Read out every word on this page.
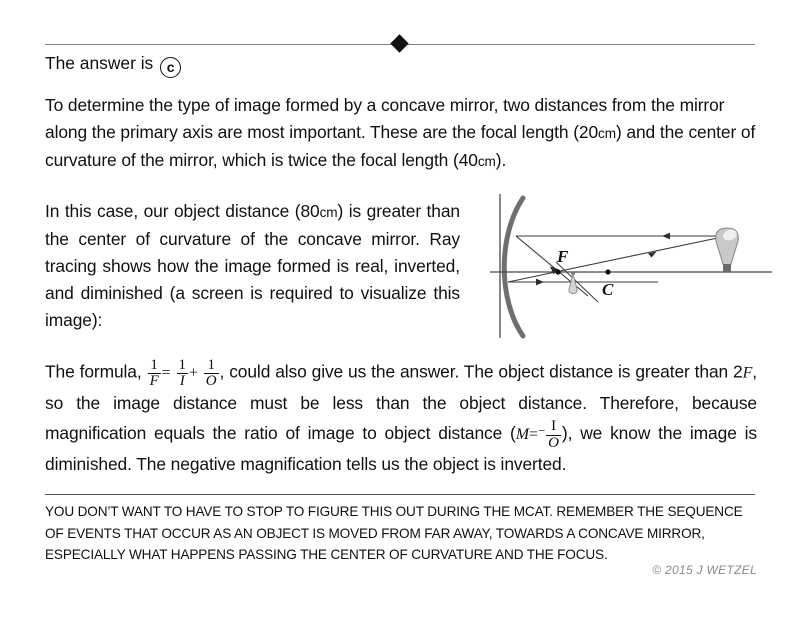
The answer is c

To determine the type of image formed by a concave mirror, two distances from the mirror along the primary axis are most important. These are the focal length (20cm) and the center of curvature of the mirror, which is twice the focal length (40cm).

In this case, our object distance (80cm) is greater than the center of curvature of the concave mirror. Ray tracing shows how the image formed is real, inverted, and diminished (a screen is required to visualize this image):

F
C

The formula, $\frac{1}{F} = \frac{1}{I} + \frac{1}{O}$ , could also give us the answer. The object distance is greater than 2F, so the image distance must be less than the object distance. Therefore, because magnification equals the ratio of image to object distance ($M=^- \frac{I}{O}$ ), we know the image is diminished. The negative magnification tells us the object is inverted.

YOU DON’T WANT TO HAVE TO STOP TO FIGURE THIS OUT DURING THE MCAT. REMEMBER THE SEQUENCE OF EVENTS THAT OCCUR AS AN OBJECT IS MOVED FROM FAR AWAY, TOWARDS A CONCAVE MIRROR, ESPECIALLY WHAT HAPPENS PASSING THE CENTER OF CURVATURE AND THE FOCUS.
© 2015 J WETZEL
